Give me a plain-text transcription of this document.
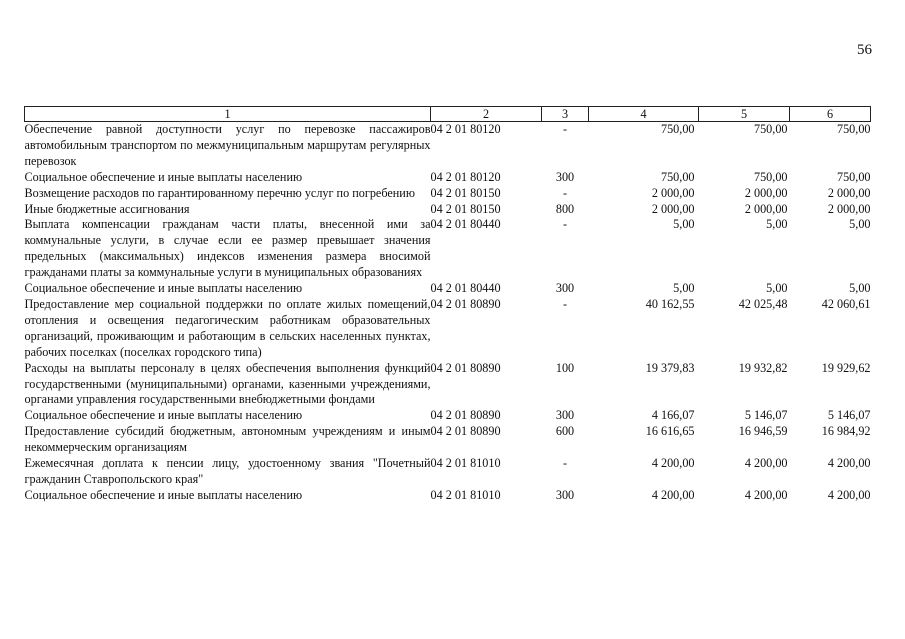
56
1	2	3	4	5	6
Обеспечение равной доступности услуг по перевозке пассажиров автомобильным транспортом по межмуниципальным маршрутам регулярных перевозок	04 2 01 80120	-	750,00	750,00	750,00
Социальное обеспечение и иные выплаты населению	04 2 01 80120	300	750,00	750,00	750,00
Возмещение расходов по гарантированному перечню услуг по погребению	04 2 01 80150	-	2 000,00	2 000,00	2 000,00
Иные бюджетные ассигнования	04 2 01 80150	800	2 000,00	2 000,00	2 000,00
Выплата компенсации гражданам части платы, внесенной ими за коммунальные услуги, в случае если ее размер превышает значения предельных (максимальных) индексов изменения размера вносимой гражданами платы за коммунальные услуги в муниципальных образованиях	04 2 01 80440	-	5,00	5,00	5,00
Социальное обеспечение и иные выплаты населению	04 2 01 80440	300	5,00	5,00	5,00
Предоставление мер социальной поддержки по оплате жилых помещений, отопления и освещения педагогическим работникам образовательных организаций, проживающим и работающим в сельских населенных пунктах, рабочих поселках (поселках городского типа)	04 2 01 80890	-	40 162,55	42 025,48	42 060,61
Расходы на выплаты персоналу в целях обеспечения выполнения функций государственными (муниципальными) органами, казенными учреждениями, органами управления государственными внебюджетными фондами	04 2 01 80890	100	19 379,83	19 932,82	19 929,62
Социальное обеспечение и иные выплаты населению	04 2 01 80890	300	4 166,07	5 146,07	5 146,07
Предоставление субсидий бюджетным, автономным учреждениям и иным некоммерческим организациям	04 2 01 80890	600	16 616,65	16 946,59	16 984,92
Ежемесячная доплата к пенсии лицу, удостоенному звания "Почетный гражданин Ставропольского края"	04 2 01 81010	-	4 200,00	4 200,00	4 200,00
Социальное обеспечение и иные выплаты населению	04 2 01 81010	300	4 200,00	4 200,00	4 200,00
